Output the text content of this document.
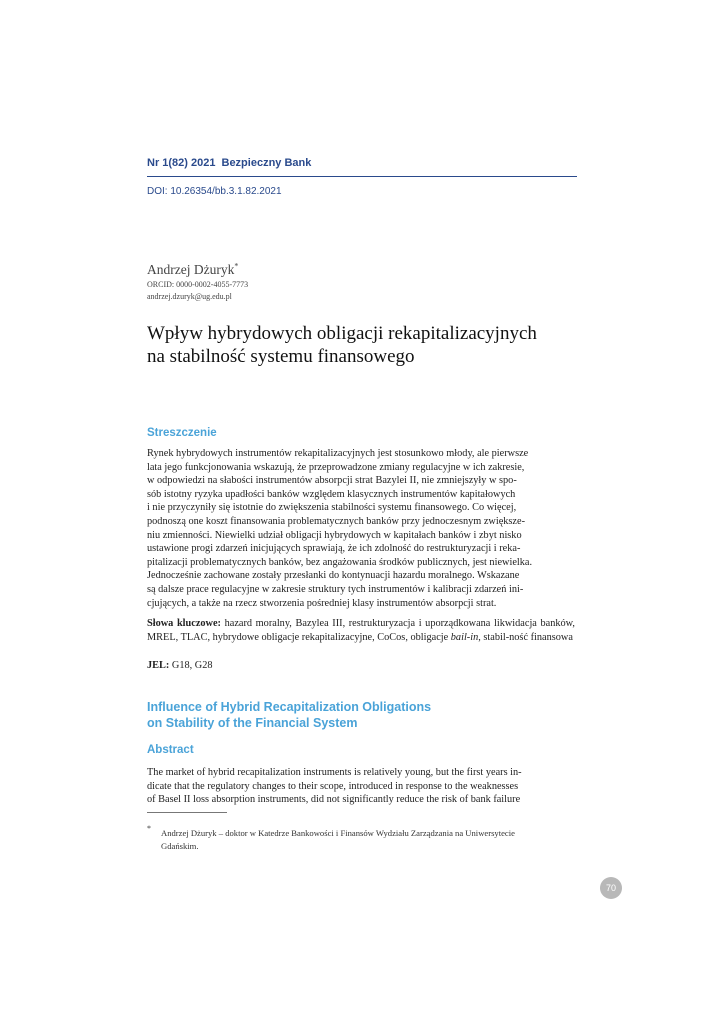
Nr 1(82) 2021 Bezpieczny Bank
DOI: 10.26354/bb.3.1.82.2021
Andrzej Dżuryk*
ORCID: 0000-0002-4055-7773
andrzej.dzuryk@ug.edu.pl
Wpływ hybrydowych obligacji rekapitalizacyjnych
na stabilność systemu finansowego
Streszczenie
Rynek hybrydowych instrumentów rekapitalizacyjnych jest stosunkowo młody, ale pierwsze
lata jego funkcjonowania wskazują, że przeprowadzone zmiany regulacyjne w ich zakresie,
w odpowiedzi na słabości instrumentów absorpcji strat Bazylei II, nie zmniejszyły w spo-
sób istotny ryzyka upadłości banków względem klasycznych instrumentów kapitałowych
i nie przyczyniły się istotnie do zwiększenia stabilności systemu finansowego. Co więcej,
podnoszą one koszt finansowania problematycznych banków przy jednoczesnym zwiększe-
niu zmienności. Niewielki udział obligacji hybrydowych w kapitałach banków i zbyt nisko
ustawione progi zdarzeń inicjujących sprawiają, że ich zdolność do restrukturyzacji i reka-
pitalizacji problematycznych banków, bez angażowania środków publicznych, jest niewielka.
Jednocześnie zachowane zostały przesłanki do kontynuacji hazardu moralnego. Wskazane
są dalsze prace regulacyjne w zakresie struktury tych instrumentów i kalibracji zdarzeń ini-
cjujących, a także na rzecz stworzenia pośredniej klasy instrumentów absorpcji strat.
Słowa kluczowe: hazard moralny, Bazylea III, restrukturyzacja i uporządkowana likwidacja banków, MREL, TLAC, hybrydowe obligacje rekapitalizacyjne, CoCos, obligacje bail-in, stabil-ność finansowa
JEL: G18, G28
Influence of Hybrid Recapitalization Obligations
on Stability of the Financial System
Abstract
The market of hybrid recapitalization instruments is relatively young, but the first years in-
dicate that the regulatory changes to their scope, introduced in response to the weaknesses
of Basel II loss absorption instruments, did not significantly reduce the risk of bank failure
* Andrzej Dżuryk – doktor w Katedrze Bankowości i Finansów Wydziału Zarządzania na Uniwersytecie
Gdańskim.
70
